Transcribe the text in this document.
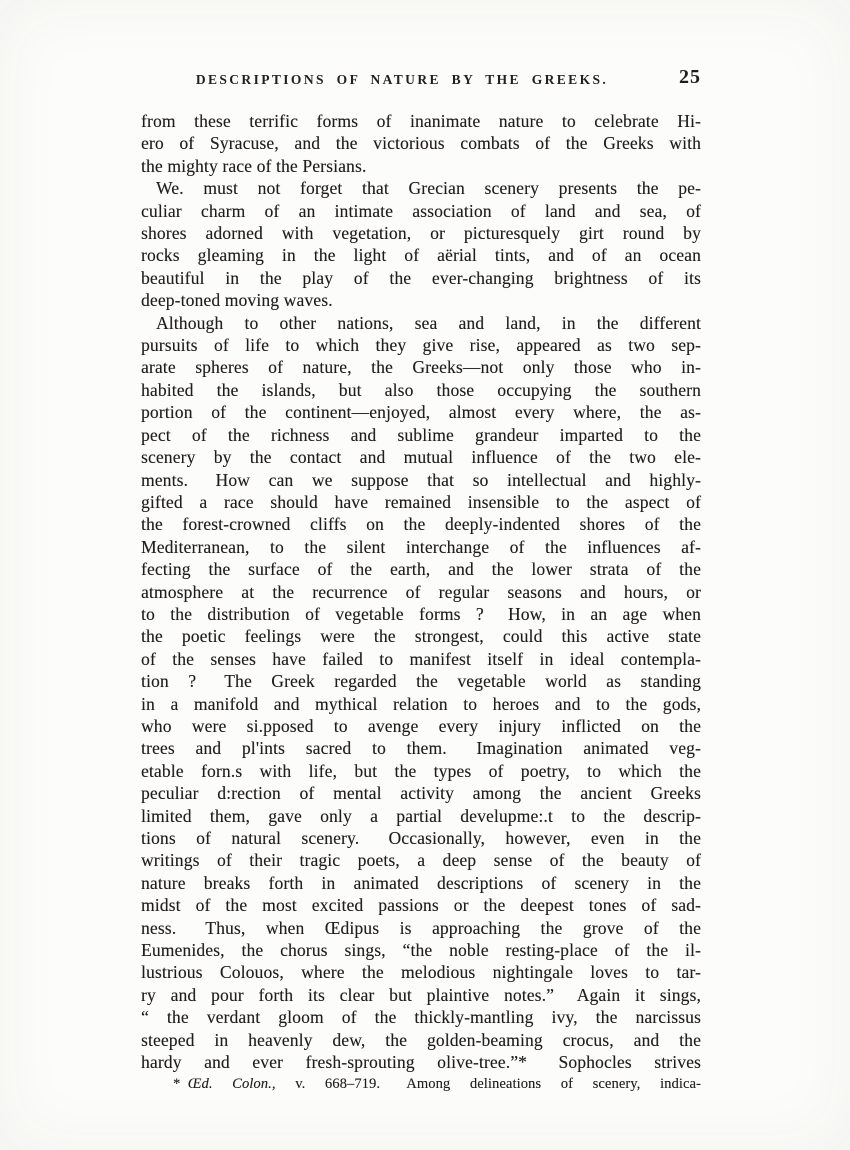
DESCRIPTIONS OF NATURE BY THE GREEKS.	25
from these terrific forms of inanimate nature to celebrate Hi-
ero of Syracuse, and the victorious combats of the Greeks with
the mighty race of the Persians.
We. must not forget that Grecian scenery presents the pe-
culiar charm of an intimate association of land and sea, of
shores adorned with vegetation, or picturesquely girt round by
rocks gleaming in the light of aërial tints, and of an ocean
beautiful in the play of the ever-changing brightness of its
deep-toned moving waves.
Although to other nations, sea and land, in the different
pursuits of life to which they give rise, appeared as two sep-
arate spheres of nature, the Greeks—not only those who in-
habited the islands, but also those occupying the southern
portion of the continent—enjoyed, almost every where, the as-
pect of the richness and sublime grandeur imparted to the
scenery by the contact and mutual influence of the two ele-
ments.  How can we suppose that so intellectual and highly-
gifted a race should have remained insensible to the aspect of
the forest-crowned cliffs on the deeply-indented shores of the
Mediterranean, to the silent interchange of the influences af-
fecting the surface of the earth, and the lower strata of the
atmosphere at the recurrence of regular seasons and hours, or
to the distribution of vegetable forms ?  How, in an age when
the poetic feelings were the strongest, could this active state
of the senses have failed to manifest itself in ideal contempla-
tion ?  The Greek regarded the vegetable world as standing
in a manifold and mythical relation to heroes and to the gods,
who were si.pposed to avenge every injury inflicted on the
trees and pl'ints sacred to them.  Imagination animated veg-
etable forn.s with life, but the types of poetry, to which the
peculiar d:rection of mental activity among the ancient Greeks
limited them, gave only a partial develupme:.t to the descrip-
tions of natural scenery.  Occasionally, however, even in the
writings of their tragic poets, a deep sense of the beauty of
nature breaks forth in animated descriptions of scenery in the
midst of the most excited passions or the deepest tones of sad-
ness.  Thus, when Œdipus is approaching the grove of the
Eumenides, the chorus sings, “the noble resting-place of the il-
lustrious Colouos, where the melodious nightingale loves to tar-
ry and pour forth its clear but plaintive notes.”  Again it sings,
“ the verdant gloom of the thickly-mantling ivy, the narcissus
steeped in heavenly dew, the golden-beaming crocus, and the
hardy and ever fresh-sprouting olive-tree.”*  Sophocles strives
* Œd. Colon., v. 668–719.  Among delineations of scenery, indica-
